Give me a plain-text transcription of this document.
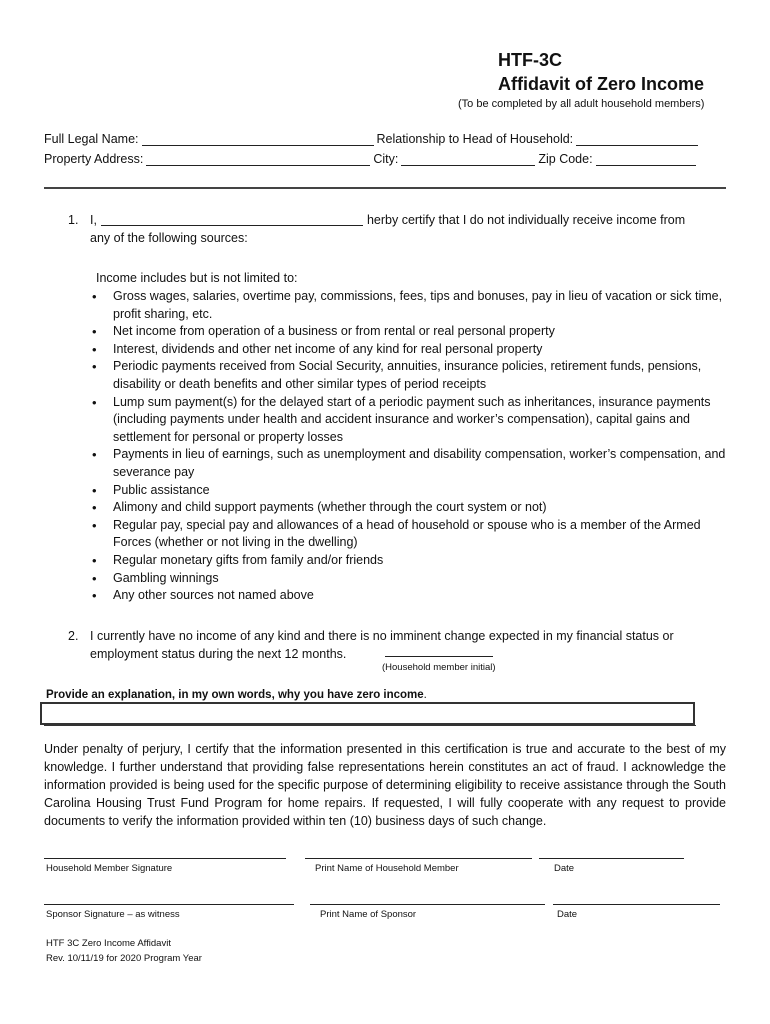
HTF-3C
Affidavit of Zero Income
(To be completed by all adult household members)
Full Legal Name:	Relationship to Head of Household:
Property Address:	City:	Zip Code:
1. I,	herby certify that I do not individually receive income from
any of the following sources:
Income includes but is not limited to:
• Gross wages, salaries, overtime pay, commissions, fees, tips and bonuses, pay in lieu of vacation or sick time, profit sharing, etc.
• Net income from operation of a business or from rental or real personal property
• Interest, dividends and other net income of any kind for real personal property
• Periodic payments received from Social Security, annuities, insurance policies, retirement funds, pensions, disability or death benefits and other similar types of period receipts
• Lump sum payment(s) for the delayed start of a periodic payment such as inheritances, insurance payments (including payments under health and accident insurance and worker’s compensation), capital gains and settlement for personal or property losses
• Payments in lieu of earnings, such as unemployment and disability compensation, worker’s compensation, and severance pay
• Public assistance
• Alimony and child support payments (whether through the court system or not)
• Regular pay, special pay and allowances of a head of household or spouse who is a member of the Armed Forces (whether or not living in the dwelling)
• Regular monetary gifts from family and/or friends
• Gambling winnings
• Any other sources not named above
2. I currently have no income of any kind and there is no imminent change expected in my financial status or employment status during the next 12 months.
(Household member initial)
Provide an explanation, in my own words, why you have zero income.
Under penalty of perjury, I certify that the information presented in this certification is true and accurate to the best of my knowledge. I further understand that providing false representations herein constitutes an act of fraud. I acknowledge the information provided is being used for the specific purpose of determining eligibility to receive assistance through the South Carolina Housing Trust Fund Program for home repairs. If requested, I will fully cooperate with any request to provide documents to verify the information provided within ten (10) business days of such change.
Household Member Signature	Print Name of Household Member	Date
Sponsor Signature – as witness	Print Name of Sponsor	Date
HTF 3C Zero Income Affidavit
Rev. 10/11/19 for 2020 Program Year
